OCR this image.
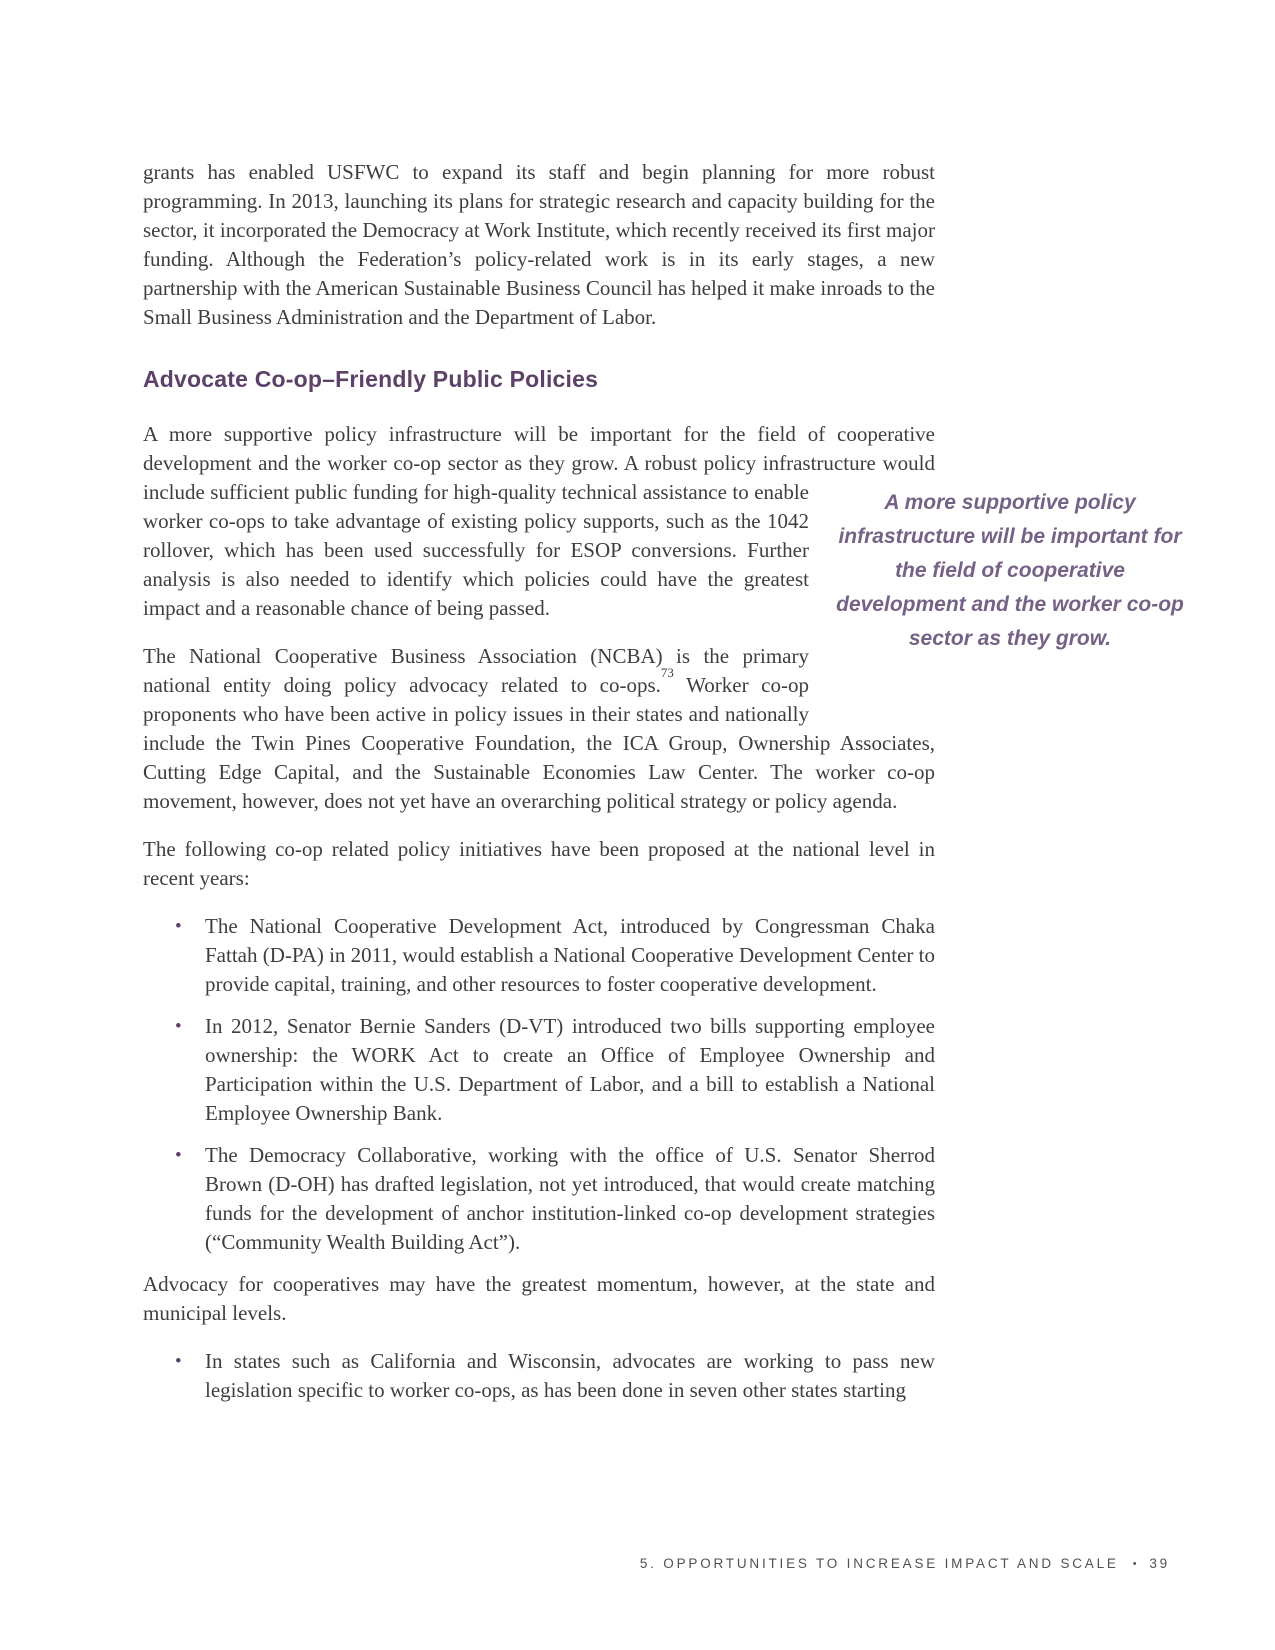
grants has enabled USFWC to expand its staff and begin planning for more robust programming. In 2013, launching its plans for strategic research and capacity building for the sector, it incorporated the Democracy at Work Institute, which recently received its first major funding. Although the Federation’s policy-related work is in its early stages, a new partnership with the American Sustainable Business Council has helped it make inroads to the Small Business Administration and the Department of Labor.

Advocate Co-op–Friendly Public Policies

A more supportive policy infrastructure will be important for the field of cooperative development and the worker co-op sector as they grow. A robust policy infrastructure
A more supportive policy infrastructure will be important for the field of cooperative development and the worker co-op sector as they grow.
would include sufficient public funding for high-quality technical assistance to enable worker co-ops to take advantage of existing policy supports, such as the 1042 rollover, which has been used successfully for ESOP conversions. Further analysis is also needed to identify which policies could have the greatest impact and a reasonable chance of being passed.

The National Cooperative Business Association (NCBA) is the primary national entity doing policy advocacy related to co-ops.$^{73}$ Worker co-op proponents who have been active in policy issues in their states and nationally include the Twin Pines Cooperative Foundation, the ICA Group, Ownership Associates, Cutting Edge Capital, and the Sustainable Economies Law Center. The worker co-op movement, however, does not yet have an overarching political strategy or policy agenda.

The following co-op related policy initiatives have been proposed at the national level in recent years:

• The National Cooperative Development Act, introduced by Congressman Chaka Fattah (D-PA) in 2011, would establish a National Cooperative Development Center to provide capital, training, and other resources to foster cooperative development.
• In 2012, Senator Bernie Sanders (D-VT) introduced two bills supporting employee ownership: the WORK Act to create an Office of Employee Ownership and Participation within the U.S. Department of Labor, and a bill to establish a National Employee Ownership Bank.
• The Democracy Collaborative, working with the office of U.S. Senator Sherrod Brown (D-OH) has drafted legislation, not yet introduced, that would create matching funds for the development of anchor institution-linked co-op development strategies (“Community Wealth Building Act”).

Advocacy for cooperatives may have the greatest momentum, however, at the state and municipal levels.

• In states such as California and Wisconsin, advocates are working to pass new legislation specific to worker co-ops, as has been done in seven other states starting
5. OPPORTUNITIES TO INCREASE IMPACT AND SCALE • 39
